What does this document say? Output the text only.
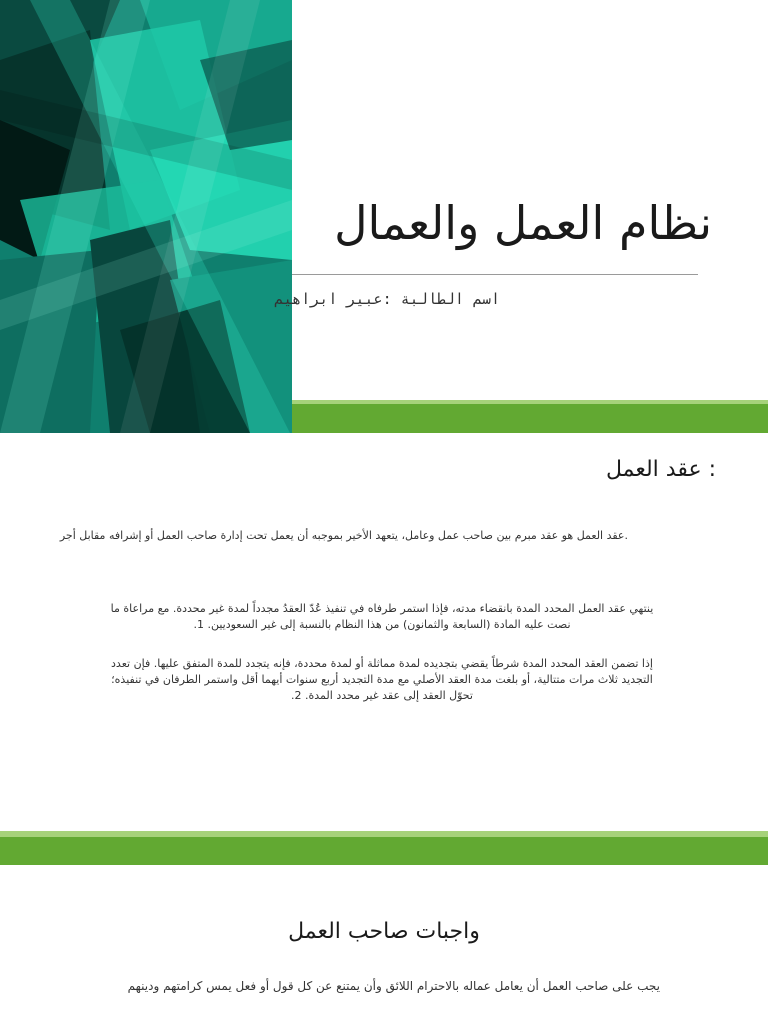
نظام العمل والعمال

اسم الطالبة :عبير ابراهيم

: عقد العمل

.عقد العمل هو عقد مبرم بين صاحب عمل وعامل، يتعهد الأخير بموجبه أن يعمل تحت إدارة صاحب العمل أو إشرافه مقابل أجر

ينتهي عقد العمل المحدد المدة بانقضاء مدته، فإذا استمر طرفاه في تنفيذ عُدّ العقدُ مجدداً لمدة غير محددة. مع مراعاة ما نصت عليه المادة (السابعة والثمانون) من هذا النظام بالنسبة إلى غير السعوديين. 1.
إذا تضمن العقد المحدد المدة شرطاً يقضي بتجديده لمدة مماثلة أو لمدة محددة، فإنه يتجدد للمدة المتفق عليها. فإن تعدد التجديد ثلاث مرات متتالية، أو بلغت مدة العقد الأصلي مع مدة التجديد أربع سنوات أيهما أقل واستمر الطرفان في تنفيذه؛ تحوّل العقد إلى عقد غير محدد المدة. 2.
واجبات صاحب العمل

يجب على صاحب العمل أن يعامل عماله بالاحترام اللائق وأن يمتنع عن كل قول أو فعل يمس كرامتهم ودينهم
